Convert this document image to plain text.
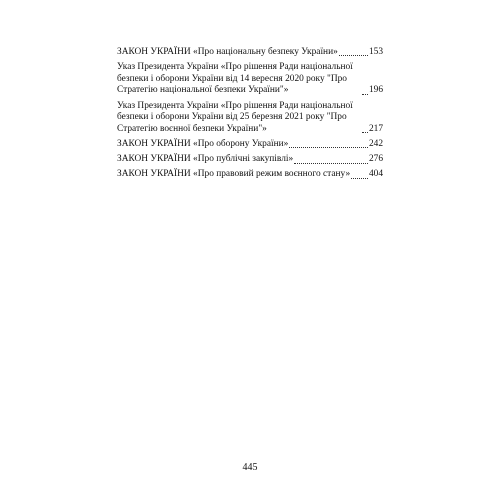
ЗАКОН УКРАЇНИ «Про національну безпеку України»	153
Указ Президента України «Про рішення Ради національної безпеки і оборони України від 14 вересня 2020 року "Про Стратегію національної безпеки України"»	196
Указ Президента України «Про рішення Ради національної безпеки і оборони України від 25 березня 2021 року "Про Стратегію воєнної безпеки України"»	217
ЗАКОН УКРАЇНИ «Про оборону України»	242
ЗАКОН УКРАЇНИ «Про публічні закупівлі»	276
ЗАКОН УКРАЇНИ «Про правовий режим воєнного стану» 404
445
